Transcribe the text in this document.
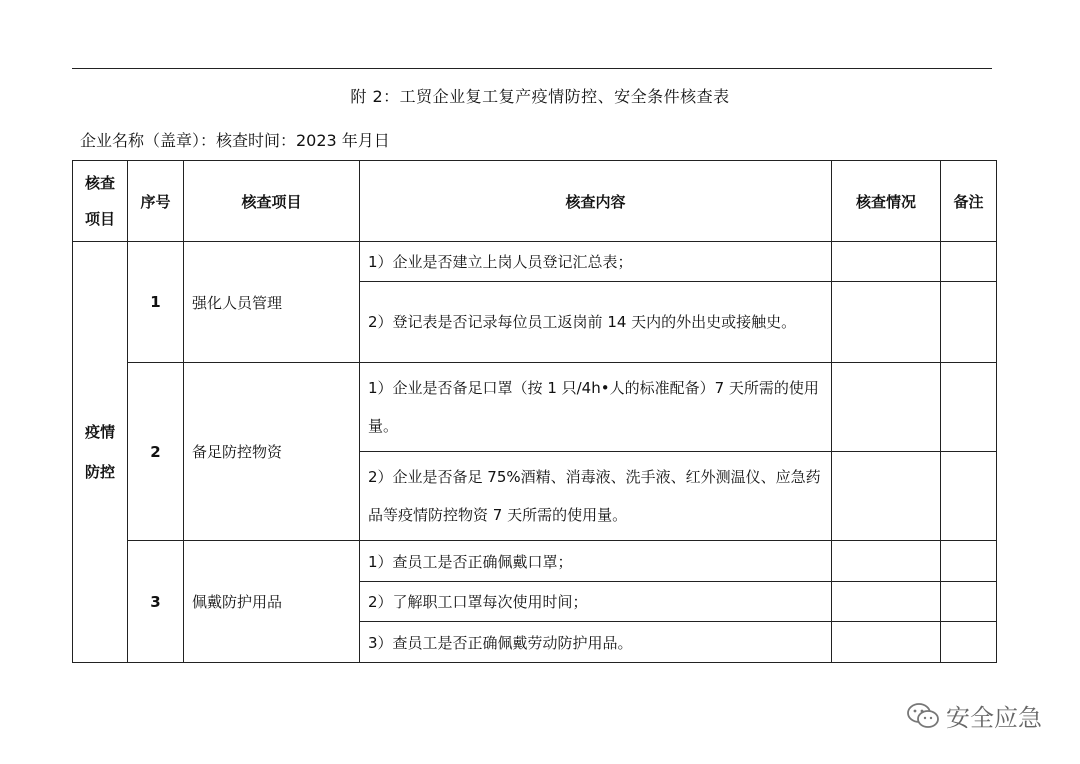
附 2：工贸企业复工复产疫情防控、安全条件核查表
企业名称（盖章）：核查时间：2023 年月日
核查
项目	序号	核查项目	核查内容	核查情况	备注
疫情
防控	1	强化人员管理	1）企业是否建立上岗人员登记汇总表；		
			2）登记表是否记录每位员工返岗前 14 天内的外出史或接触史。		
	2	备足防控物资	1）企业是否备足口罩（按 1 只/4h•人的标准配备）7 天所需的使用量。		
			2）企业是否备足 75%酒精、消毒液、洗手液、红外测温仪、应急药品等疫情防控物资 7 天所需的使用量。		
	3	佩戴防护用品	1）查员工是否正确佩戴口罩；		
			2）了解职工口罩每次使用时间；		
			3）查员工是否正确佩戴劳动防护用品。		
安全应急
